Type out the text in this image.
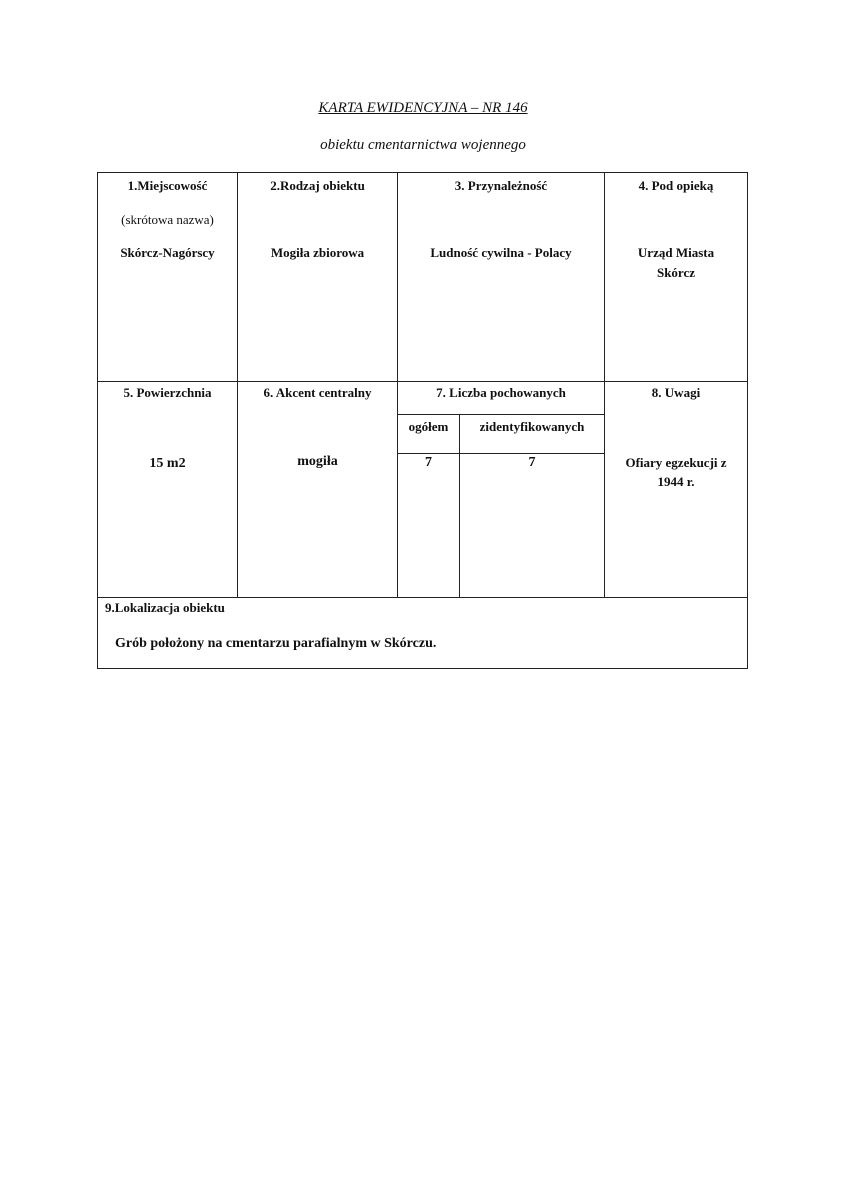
KARTA EWIDENCYJNA – NR 146
obiektu cmentarnictwa wojennego
1.Miejscowość
(skrótowa nazwa)
Skórcz-Nagórscy
2.Rodzaj obiektu
Mogiła zbiorowa
3. Przynależność
Ludność cywilna - Polacy
4. Pod opieką
Urząd Miasta
Skórcz
5. Powierzchnia
15 m2
6. Akcent centralny
mogiła
7. Liczba pochowanych
ogółem	zidentyfikowanych
7	7
8. Uwagi
Ofiary egzekucji z
1944 r.
9.Lokalizacja obiektu
Grób położony na cmentarzu parafialnym w Skórczu.
